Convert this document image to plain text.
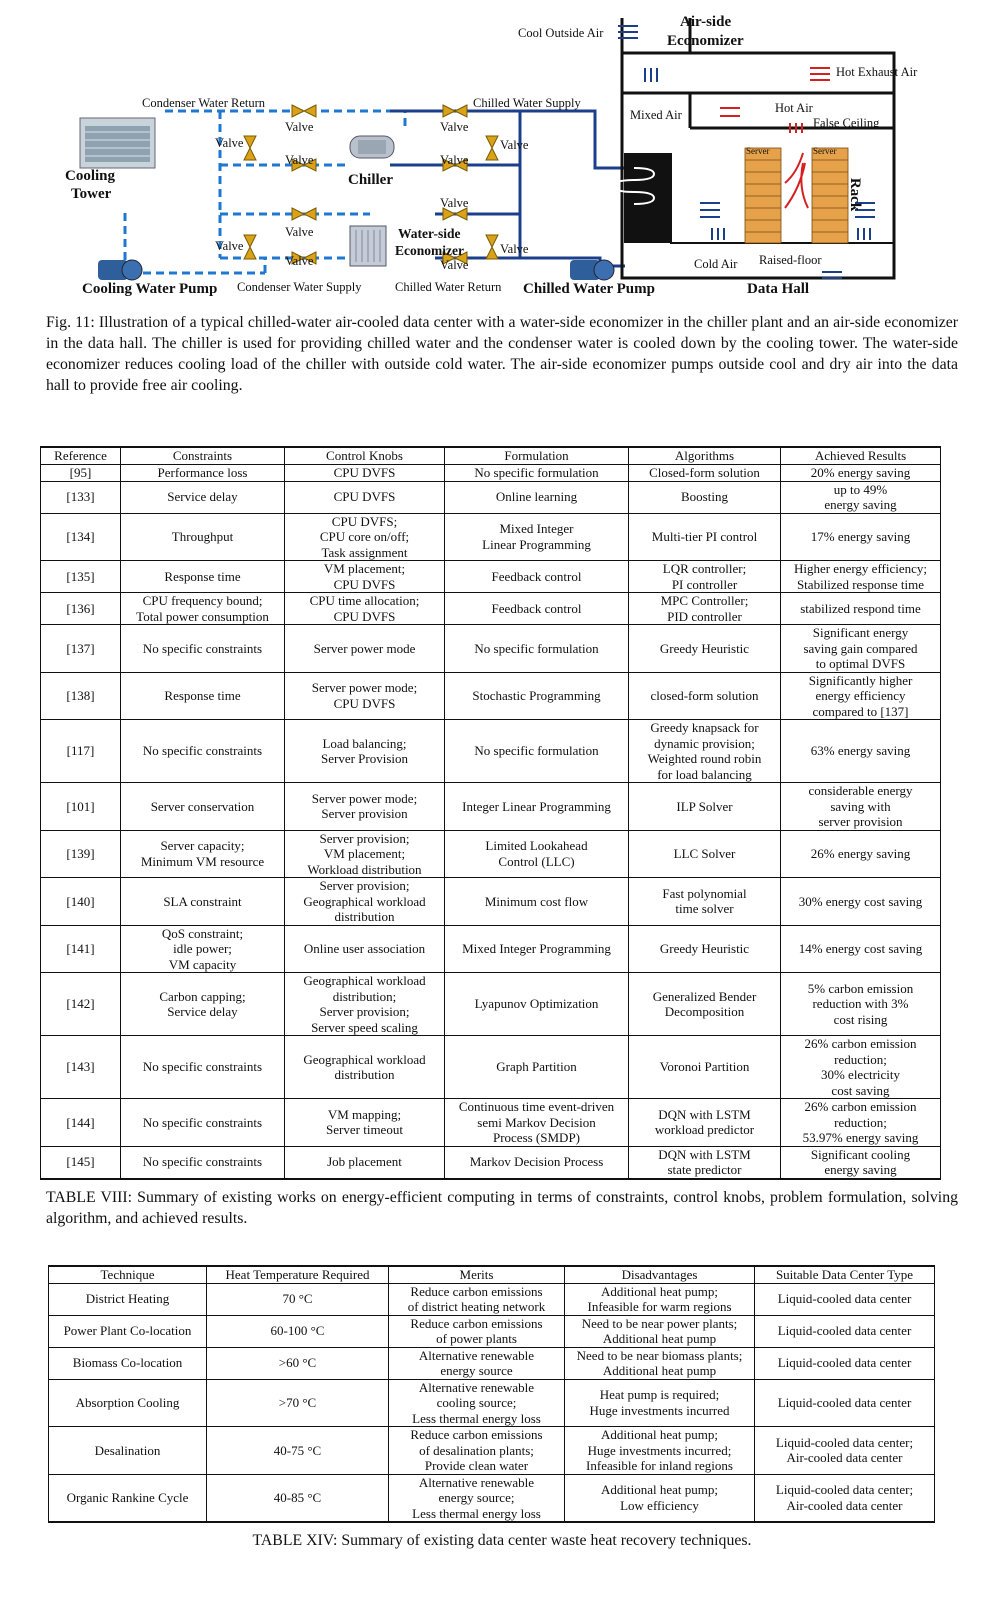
Cool Outside Air
Air-side
Economizer
Hot Exhaust Air
Condenser Water Return	Chilled Water Supply
Valve	Valve
Valve	Valve
Valve	Valve
Valve
Valve
Valve	Valve
Valve	Valve
Mixed Air	Hot Air
False Ceiling
Cooling
Tower
Chiller	CRAH	Rack
Server	Server
Water-side
Economizer
Cold Air Raised-floor
Cooling Water Pump Condenser Water Supply	Chilled Water Return Chilled Water Pump	Data Hall
Fig. 11: Illustration of a typical chilled-water air-cooled data center with a water-side economizer in the chiller plant and an air-side economizer in the data hall. The chiller is used for providing chilled water and the condenser water is cooled down by the cooling tower. The water-side economizer reduces cooling load of the chiller with outside cold water. The air-side economizer pumps outside cool and dry air into the data hall to provide free air cooling.
Reference	Constraints	Control Knobs	Formulation	Algorithms	Achieved Results
[95]	Performance loss	CPU DVFS	No specific formulation	Closed-form solution	20% energy saving
[133]	Service delay	CPU DVFS	Online learning	Boosting	up to 49%
energy saving
[134]	Throughput	CPU DVFS;
CPU core on/off;
Task assignment	Mixed Integer
Linear Programming	Multi-tier PI control	17% energy saving
[135]	Response time	VM placement;
CPU DVFS	Feedback control	LQR controller;
PI controller	Higher energy efficiency;
Stabilized response time
[136]	CPU frequency bound;
Total power consumption	CPU time allocation;
CPU DVFS	Feedback control	MPC Controller;
PID controller	stabilized respond time
[137]	No specific constraints	Server power mode	No specific formulation	Greedy Heuristic	Significant energy
saving gain compared
to optimal DVFS
[138]	Response time	Server power mode;
CPU DVFS	Stochastic Programming	closed-form solution	Significantly higher
energy efficiency
compared to [137]
[117]	No specific constraints	Load balancing;
Server Provision	No specific formulation	Greedy knapsack for
dynamic provision;
Weighted round robin
for load balancing	63% energy saving
[101]	Server conservation	Server power mode;
Server provision	Integer Linear Programming	ILP Solver	considerable energy
saving with
server provision
[139]	Server capacity;
Minimum VM resource	Server provision;
VM placement;
Workload distribution	Limited Lookahead
Control (LLC)	LLC Solver	26% energy saving
[140]	SLA constraint	Server provision;
Geographical workload
distribution	Minimum cost flow	Fast polynomial
time solver	30% energy cost saving
[141]	QoS constraint;
idle power;
VM capacity	Online user association	Mixed Integer Programming	Greedy Heuristic	14% energy cost saving
[142]	Carbon capping;
Service delay	Geographical workload
distribution;
Server provision;
Server speed scaling	Lyapunov Optimization	Generalized Bender
Decomposition	5% carbon emission
reduction with 3%
cost rising
[143]	No specific constraints	Geographical workload
distribution	Graph Partition	Voronoi Partition	26% carbon emission
reduction;
30% electricity
cost saving
[144]	No specific constraints	VM mapping;
Server timeout	Continuous time event-driven
semi Markov Decision
Process (SMDP)	DQN with LSTM
workload predictor	26% carbon emission
reduction;
53.97% energy saving
[145]	No specific constraints	Job placement	Markov Decision Process	DQN with LSTM
state predictor	Significant cooling
energy saving
TABLE VIII: Summary of existing works on energy-efficient computing in terms of constraints, control knobs, problem formulation, solving algorithm, and achieved results.
Technique	Heat Temperature Required	Merits	Disadvantages	Suitable Data Center Type
District Heating	70 °C	Reduce carbon emissions
of district heating network	Additional heat pump;
Infeasible for warm regions	Liquid-cooled data center
Power Plant Co-location	60-100 °C	Reduce carbon emissions
of power plants	Need to be near power plants;
Additional heat pump	Liquid-cooled data center
Biomass Co-location	>60 °C	Alternative renewable
energy source	Need to be near biomass plants;
Additional heat pump	Liquid-cooled data center
Absorption Cooling	>70 °C	Alternative renewable
cooling source;
Less thermal energy loss	Heat pump is required;
Huge investments incurred	Liquid-cooled data center
Desalination	40-75 °C	Reduce carbon emissions
of desalination plants;
Provide clean water	Additional heat pump;
Huge investments incurred;
Infeasible for inland regions	Liquid-cooled data center;
Air-cooled data center
Organic Rankine Cycle	40-85 °C	Alternative renewable
energy source;
Less thermal energy loss	Additional heat pump;
Low efficiency	Liquid-cooled data center;
Air-cooled data center
TABLE XIV: Summary of existing data center waste heat recovery techniques.
